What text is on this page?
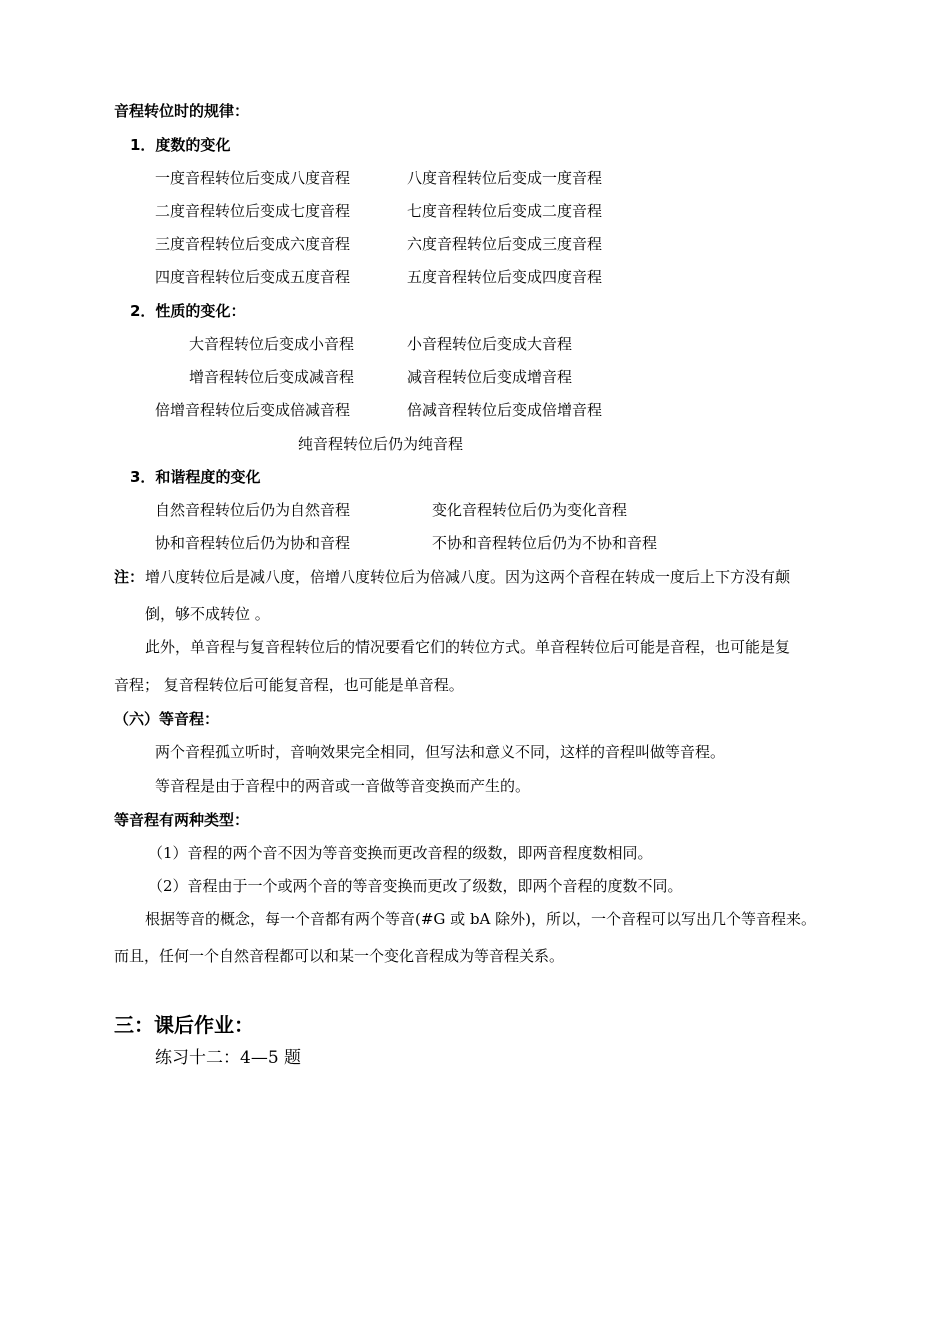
音程转位时的规律：
1．度数的变化
一度音程转位后变成八度音程	八度音程转位后变成一度音程
二度音程转位后变成七度音程	七度音程转位后变成二度音程
三度音程转位后变成六度音程	六度音程转位后变成三度音程
四度音程转位后变成五度音程	五度音程转位后变成四度音程
2．性质的变化：
大音程转位后变成小音程	小音程转位后变成大音程
增音程转位后变成减音程	减音程转位后变成增音程
倍增音程转位后变成倍减音程	倍减音程转位后变成倍增音程
纯音程转位后仍为纯音程
3．和谐程度的变化
自然音程转位后仍为自然音程	变化音程转位后仍为变化音程
协和音程转位后仍为协和音程	不协和音程转位后仍为不协和音程
注： 增八度转位后是减八度，倍增八度转位后为倍减八度。因为这两个音程在转成一度后上下方没有颠
倒，够不成转位 。
此外，单音程与复音程转位后的情况要看它们的转位方式。单音程转位后可能是音程，也可能是复
音程； 复音程转位后可能复音程，也可能是单音程。
（六）等音程：
两个音程孤立听时，音响效果完全相同，但写法和意义不同，这样的音程叫做等音程。
等音程是由于音程中的两音或一音做等音变换而产生的。
等音程有两种类型：
（1）音程的两个音不因为等音变换而更改音程的级数，即两音程度数相同。
（2）音程由于一个或两个音的等音变换而更改了级数，即两个音程的度数不同。
根据等音的概念，每一个音都有两个等音(#G 或 bA 除外)，所以，一个音程可以写出几个等音程来。
而且，任何一个自然音程都可以和某一个变化音程成为等音程关系。
三：课后作业：
练习十二：4—5 题
